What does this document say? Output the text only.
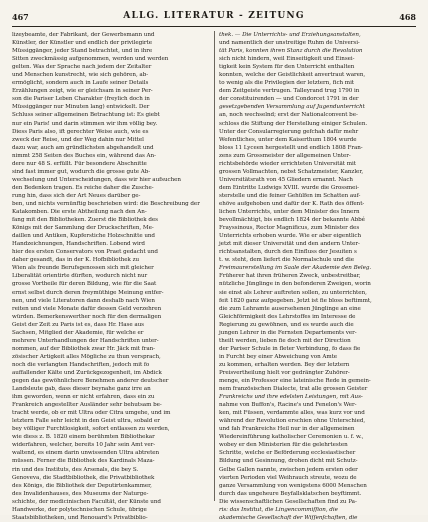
467	ALLG. LITERATUR - ZEITUNG	468
lizeybeamte, der Fabrikant, der Gewerbsmann und
Künstler, der Künstler und endlich der privilegirte
Müssiggänger, jeder Stand betrachtet, und in ihre
Sitten zweckmässig aufgenommen, werden und werden
gelten. Was der Sprache nach jedem der Zeitalter
und Menschen kunstrecht, wie sich gehören, ab-
ermöglicht, sondern auch in Laufe seiner Details
Erzählungen zeigt, wie er gleichsam in seiner Per-
son die Pariser Leben Charakter (freylich doch in
Müssiggänger nur Minuten lang) entwickelt. Der
Schluss seiner allgemeinen Betrachtung ist: Es giebt
nur ein Paris! und darin stimmen wir ihm völlig bey.
Diess Paris also, ift gerechter Weise auch, wie es
zweck der Reise, und der Weg dahin nur Mittel
dazu war, auch am gründlichsten abgehandelt und
nimmt 258 Seiten des Buches ein, während das An-
dere nur 48 S. erfüllt. Für besondere Abschnitte
sind fast immer gut, wodurch die grosse gute Ab-
wechselung und Unterscheidungen, dass wir hier aufsuchen
den Bedenken tragen. Es reiche daher die Zusche-
rung hin, dass sich der Art Neues darüber ge-
ben, und nichts vernünftig beschrieben wird: die Beschreibung der
Katakomben. Die erste Abtheilung nach den An-
fang mit den Bibliotheken. Zuerst die Bibliothek des
Königs mit der Sammlung der Druckschriften, Me-
daillen und Antiken, Kupferstiche Holzschnitte und
Handzeichnungen, Handschriften. Lobend wird
hier des ersten Conservators von Praet gedacht und
daher gesandt, das in der K. Hofbibliothek zu
Wien als freunde Berufsgenossen sich mit gleicher
Liberalität orientirte dürften, wodurch nicht nur
grosse Vortheile für deren Bildung, wie für die Saat
ernst selbst durch deren freymüthige Meinung entfer-
nen, und viele Literatoren dann deshalb nach Wien
reiten und viele Monate dafür dessen Geld verzehren
würden. Bemerkenswerther noch für den dermaligen
Geist der Zeit zu Paris ist es, dass Hr. Hase aus
Sachsen, Mitglied der Akademie, für welche er
mehrere Unterhandlungen der Handschriften unter-
nommen, auf der Bibliothek zwar Hr. Jäck mit fran-
zösischer Artigkeit alles Mögliche zu thun versprach,
noch die verlangten Handschriften, jedoch mit fo
auffallender Kälte und Zurückgezogenheit, im Abdick
gegen das gewöhnlichere Benehmen anderer deutscher
Landsleute gab, dass dieser beynahe ganz irre an
ihm geworden, wenn er nicht erfahren, dass ein zu
Frankreich angestellter Ausländer sehr behutsam be-
tracht werde, ob er mit Ultra oder Citra umgehe, und im
letztern Falle sehr leicht in den Geist ultra, sobald er
bey völliger Furchtlosigkeit, sofort entlassen zu werden,
wie diess z. B. 1820 einem berühmten Bibliothekar
widerfahren, welcher, bereits 10 Jahr sein Amt ver-
waltend, es einem darin unwissenden Ultra abtreten
müssen. Ferner die Bibliothek des Kardinals Maza-
rin und des Instituts, des Arsenals, die bey S.
Genoveva, die Stadtbibliothek, die Privatbibliothek
des Königs, die Bibliothek der Deputirtenkammer,
des Invalidenhauses, des Museums der Naturge-
schichte, der medicinischen Facultät, der Künste und
Handwerke, der polytechnischen Schule, übrige
Staatsbibliotheken, und Renouard's Privatbiblio-
thek. — Die Unterrichts- und Erziehungsanstalten,
und namentlich der unstreitige Ruhm de Universi-
tät Paris, konnten ihren Stanz durch die Revolution
sich nicht hindern, weil Einseitigkeit und Einsei-
tigkeit kein System für den Unterricht enthalten
konnten, welche der Geistlichkeit anvertraut waren,
to wenig als die Privilegien der letztern, fich mit
dem Zeitgeiste vertrugen. Talleyrand trug 1790 in
der constituirenden — und Condorcet 1791 in der
gesetzgebenden Versammlung auf Jugendunterricht
an, noch wechselnd; erst der Nationalconvent be-
schloss die Stiftung der Herstellung einiger Schulen.
Unter der Consularregierung gefchah dafür mehr
Wefentliches, unter dem Kaiserthum 1804 wurde
bloss 11 Lyceen hergestellt und endlich 1808 Fran-
zens zum Grossmeister der allgemeinen Unter-
richtsbehörde wieder errichteten Universität mit
grossen Vollmachten, nebst Schatzmeister, Kanzler,
Universitätsrath von 45 Gliedern ernannt. Nach
dem Eintritte Ludwigs XVIII. wurde die Grossmei-
sterstelle und die feiner Gehülfen im Schatten auf-
ehöve aufgehoben und dafür der K. Rath des öffent-
lichen Unterrichts, unter dem Minister des Innern
bevollmächtigt, bis endlich 1824 der bekannte Abbé
Frayssinous, Rector Magnificus, zum Minister des
Unterrichts erhoben wurde. Wie er aber eigentlich
jetzt mit dieser Universität und den andern Unter-
richtsanstalten, durch den Einfluss der Jesuiten s
t. w. steht, dem liefert die Normalschule und die
Freimaurerstellung im Saale der Akademie den Beleg.
Früherer hat ihren früheren Zweck, unbestreitbar,
nützliche Jünglinge in den befonderen Zweigen, worin
sie einst als Lehrer auftreten sollen, zu unterrichten,
feit 1820 ganz aufgegeben. Jetzt ist fie bloss beftimmt,
die zum Lehramte ausersehenen Jünglinge an eine
Gleichförmigkeit des Lehrstoffes im Interesse de
Regierung zu gewöhnen, und es wurde auch die
jungen Lehrer in die Fernsten Departements ver-
theilt werden, lieben fie doch mit der Direction
der Pariser Schule in fleter Verbindung, fo dass fie
in Furcht bey einer Abweichung von Amte
zu kommen, erhalten werden. Bey der letztern
Preisvertheilung hielt vor gedrängter Zuhörer-
menge, ein Professor eine lateinische Rede in gemein-
nem französischen Dialecte, trat alle grossen Geister
Frankreichs und ihre edelsten Leistungen, mit Aus-
nahme von Buffon's, Racine's und Fenelon's Wer-
ken, mit Füssen, verdammte alles, was kurz vor und
während der Revolution erschien ohne Unterschied,
und fah Frankreichs Heil nur in der allgemeinen
Wiedereinführung katholischer Ceremonien u. f. w.,
wobey er den Ministerien für die gelehrtesten
Schritte, welche er Beförderung ecclesiastischer
Bildung und Gesinnung, drohen dicht mit Schutz-
Gelbe Gallen nannte, zwischen jedem ersten oder
vierten Perioden viel Weihrauch streute, wozu de
ganze Versammlung von wenigstens 6000 Menschen
durch das ungeheure Beyfallsklatschen beyftimmt.
Die wissenschaftlichen Gesellschaften find zu Pa-
ris: das Institut, die Lingencommiſſion, die
akademische Gesellschaft der Wiſſenſchaften, die
